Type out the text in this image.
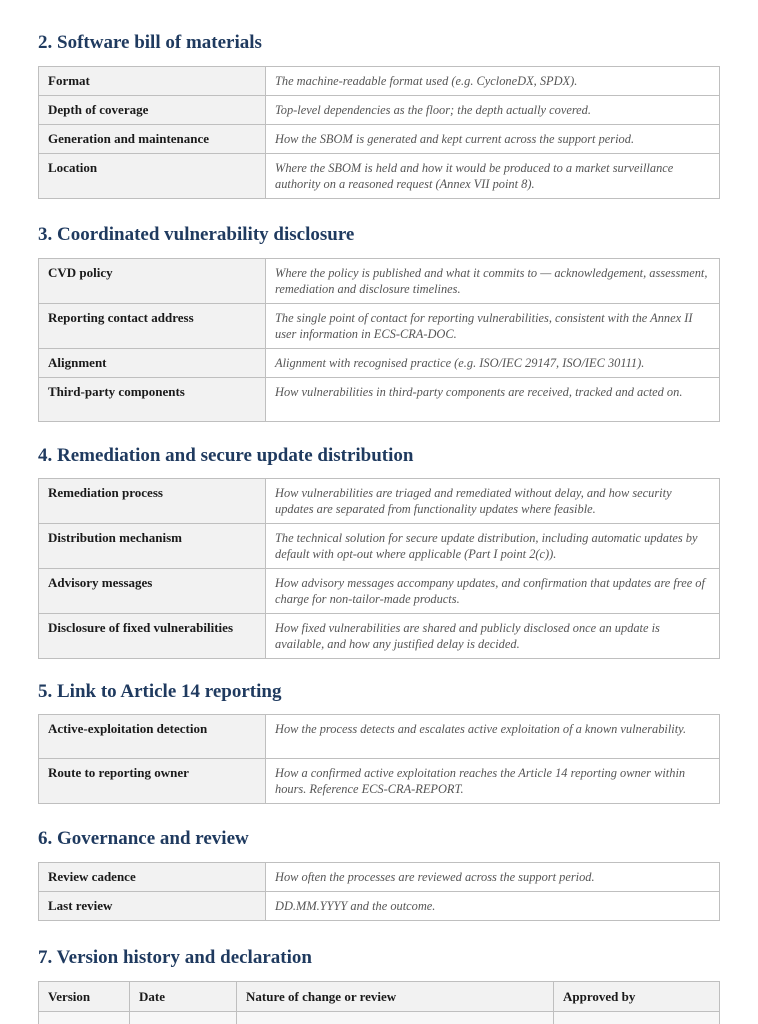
2. Software bill of materials
Format	The machine-readable format used (e.g. CycloneDX, SPDX).
Depth of coverage	Top-level dependencies as the floor; the depth actually covered.
Generation and maintenance	How the SBOM is generated and kept current across the support period.
Location	Where the SBOM is held and how it would be produced to a market surveillance authority on a reasoned request (Annex VII point 8).
3. Coordinated vulnerability disclosure
CVD policy	Where the policy is published and what it commits to — acknowledgement, assessment, remediation and disclosure timelines.
Reporting contact address	The single point of contact for reporting vulnerabilities, consistent with the Annex II user information in ECS-CRA-DOC.
Alignment	Alignment with recognised practice (e.g. ISO/IEC 29147, ISO/IEC 30111).
Third-party components	How vulnerabilities in third-party components are received, tracked and acted on.
4. Remediation and secure update distribution
Remediation process	How vulnerabilities are triaged and remediated without delay, and how security updates are separated from functionality updates where feasible.
Distribution mechanism	The technical solution for secure update distribution, including automatic updates by default with opt-out where applicable (Part I point 2(c)).
Advisory messages	How advisory messages accompany updates, and confirmation that updates are free of charge for non-tailor-made products.
Disclosure of fixed vulnerabilities	How fixed vulnerabilities are shared and publicly disclosed once an update is available, and how any justified delay is decided.
5. Link to Article 14 reporting
Active-exploitation detection	How the process detects and escalates active exploitation of a known vulnerability.
Route to reporting owner	How a confirmed active exploitation reaches the Article 14 reporting owner within hours. Reference ECS-CRA-REPORT.
6. Governance and review
Review cadence	How often the processes are reviewed across the support period.
Last review	DD.MM.YYYY and the outcome.
7. Version history and declaration
Version	Date	Nature of change or review	Approved by
